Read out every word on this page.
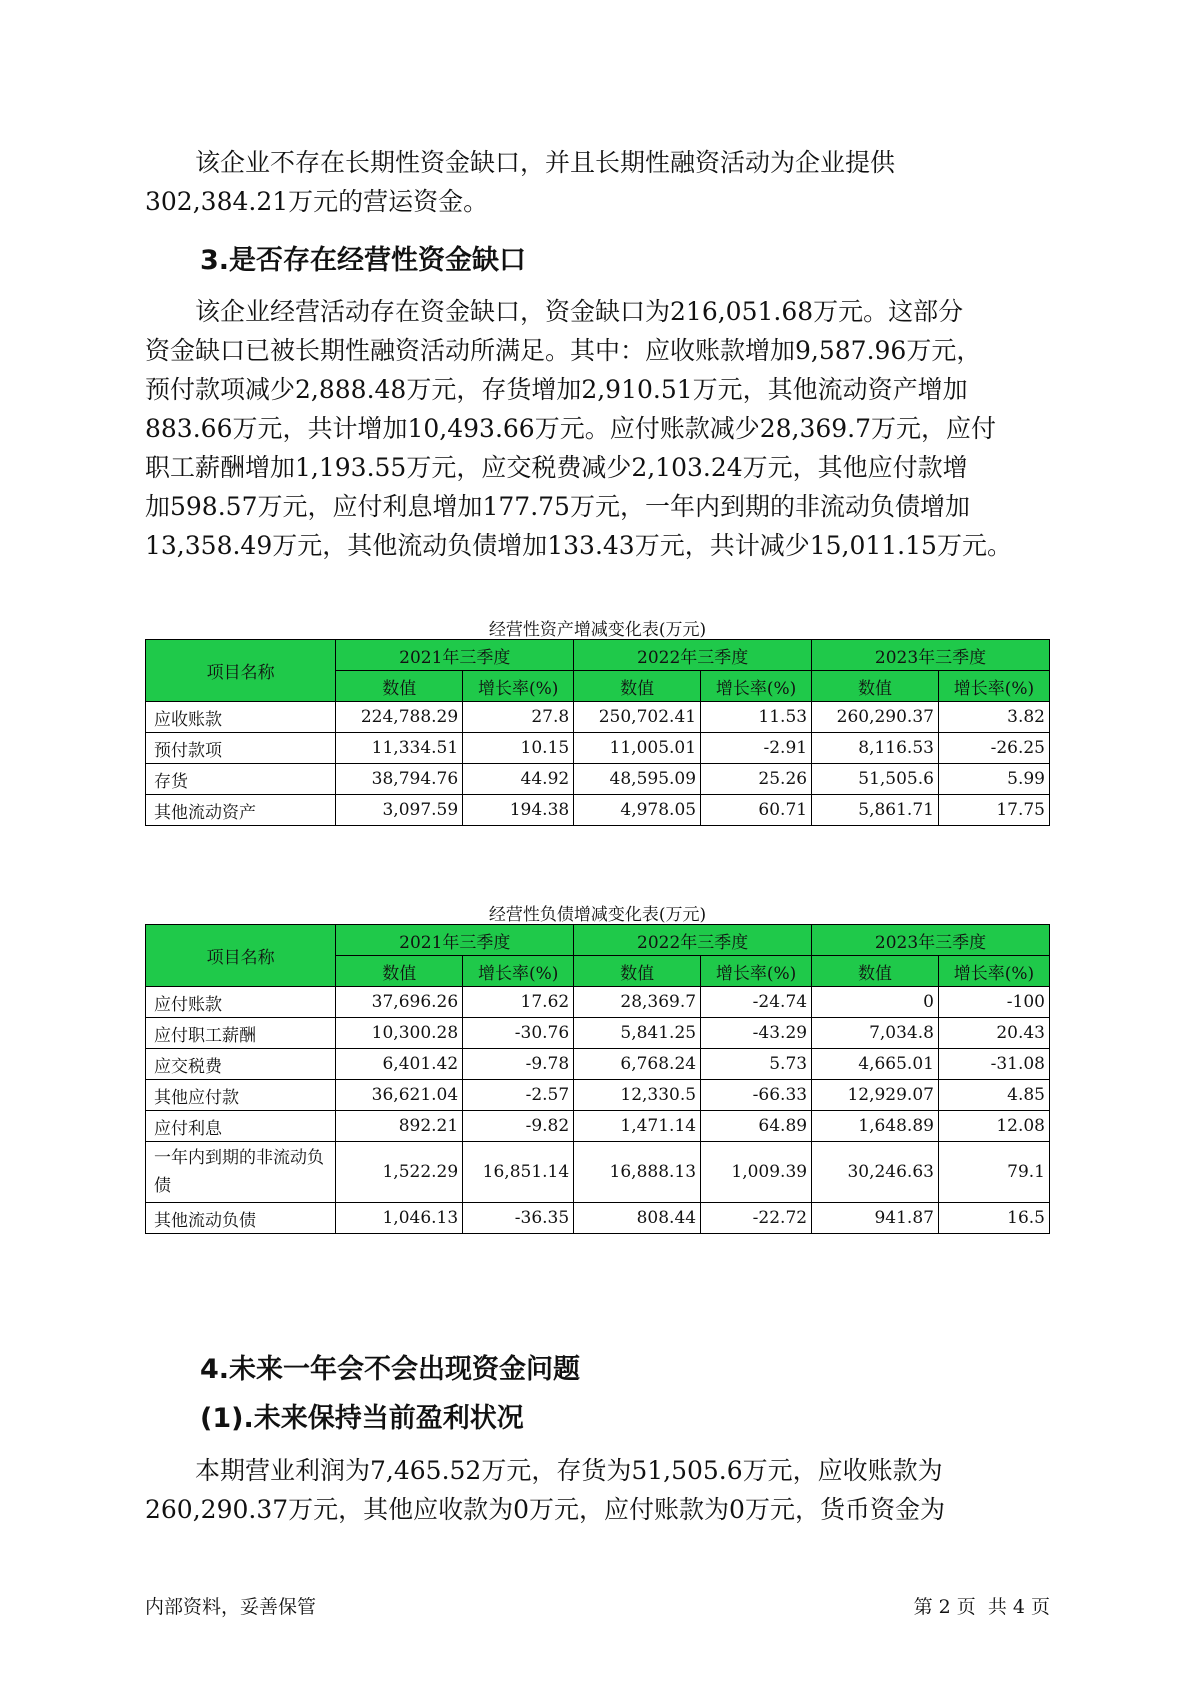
该企业不存在长期性资金缺口，并且长期性融资活动为企业提供
302,384.21万元的营运资金。

3.是否存在经营性资金缺口

该企业经营活动存在资金缺口，资金缺口为216,051.68万元。这部分
资金缺口已被长期性融资活动所满足。其中：应收账款增加9,587.96万元，
预付款项减少2,888.48万元，存货增加2,910.51万元，其他流动资产增加
883.66万元，共计增加10,493.66万元。应付账款减少28,369.7万元，应付
职工薪酬增加1,193.55万元，应交税费减少2,103.24万元，其他应付款增
加598.57万元，应付利息增加177.75万元，一年内到期的非流动负债增加
13,358.49万元，其他流动负债增加133.43万元，共计减少15,011.15万元。

经营性资产增减变化表(万元)

项目名称	2021年三季度		2022年三季度		2023年三季度	
	数值	增长率(%)	数值	增长率(%)	数值	增长率(%)
应收账款	224,788.29	27.8	250,702.41	11.53	260,290.37	3.82
预付款项	11,334.51	10.15	11,005.01	-2.91	8,116.53	-26.25
存货	38,794.76	44.92	48,595.09	25.26	51,505.6	5.99
其他流动资产	3,097.59	194.38	4,978.05	60.71	5,861.71	17.75

经营性负债增减变化表(万元)

项目名称	2021年三季度		2022年三季度		2023年三季度	
	数值	增长率(%)	数值	增长率(%)	数值	增长率(%)
应付账款	37,696.26	17.62	28,369.7	-24.74	0	-100
应付职工薪酬	10,300.28	-30.76	5,841.25	-43.29	7,034.8	20.43
应交税费	6,401.42	-9.78	6,768.24	5.73	4,665.01	-31.08
其他应付款	36,621.04	-2.57	12,330.5	-66.33	12,929.07	4.85
应付利息	892.21	-9.82	1,471.14	64.89	1,648.89	12.08
一年内到期的非流动负债	1,522.29	16,851.14	16,888.13	1,009.39	30,246.63	79.1
其他流动负债	1,046.13	-36.35	808.44	-22.72	941.87	16.5
4.未来一年会不会出现资金问题
(1).未来保持当前盈利状况

本期营业利润为7,465.52万元，存货为51,505.6万元，应收账款为
260,290.37万元，其他应收款为0万元，应付账款为0万元，货币资金为

内部资料，妥善保管	第 2 页  共 4 页
